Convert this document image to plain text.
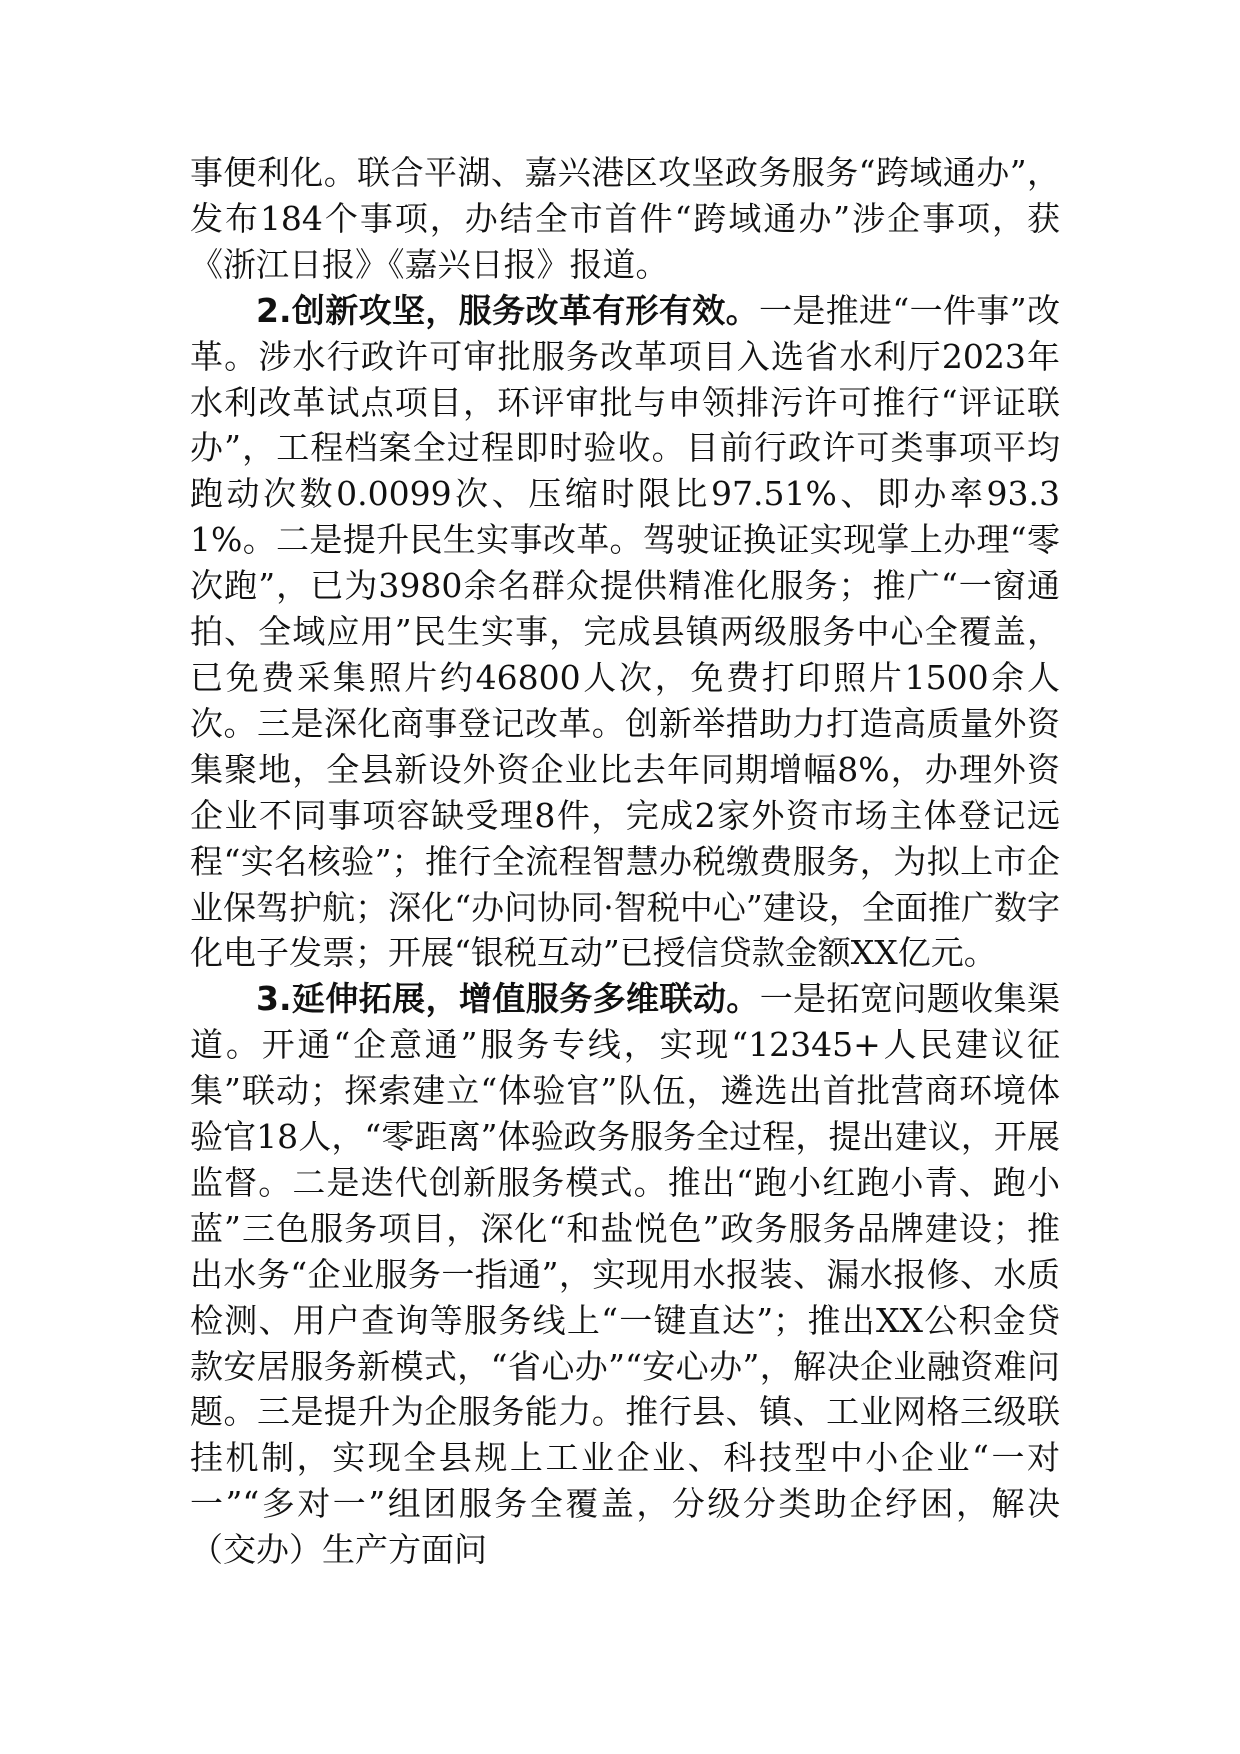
事便利化。联合平湖、嘉兴港区攻坚政务服务“跨域通办”，发布184个事项，办结全市首件“跨域通办”涉企事项，获《浙江日报》《嘉兴日报》报道。

2.创新攻坚，服务改革有形有效。一是推进“一件事”改革。涉水行政许可审批服务改革项目入选省水利厅2023年水利改革试点项目，环评审批与申领排污许可推行“评证联办”，工程档案全过程即时验收。目前行政许可类事项平均跑动次数0.0099次、压缩时限比97.51%、即办率93.31%。二是提升民生实事改革。驾驶证换证实现掌上办理“零次跑”，已为3980余名群众提供精准化服务；推广“一窗通拍、全域应用”民生实事，完成县镇两级服务中心全覆盖，已免费采集照片约46800人次，免费打印照片1500余人次。三是深化商事登记改革。创新举措助力打造高质量外资集聚地，全县新设外资企业比去年同期增幅8%，办理外资企业不同事项容缺受理8件，完成2家外资市场主体登记远程“实名核验”；推行全流程智慧办税缴费服务，为拟上市企业保驾护航；深化“办问协同·智税中心”建设，全面推广数字化电子发票；开展“银税互动”已授信贷款金额XX亿元。

3.延伸拓展，增值服务多维联动。一是拓宽问题收集渠道。开通“企意通”服务专线，实现“12345+人民建议征集”联动；探索建立“体验官”队伍，遴选出首批营商环境体验官18人，“零距离”体验政务服务全过程，提出建议，开展监督。二是迭代创新服务模式。推出“跑小红跑小青、跑小蓝”三色服务项目，深化“和盐悦色”政务服务品牌建设；推出水务“企业服务一指通”，实现用水报装、漏水报修、水质检测、用户查询等服务线上“一键直达”；推出XX公积金贷款安居服务新模式，“省心办”“安心办”，解决企业融资难问题。三是提升为企服务能力。推行县、镇、工业网格三级联挂机制，实现全县规上工业企业、科技型中小企业“一对一”“多对一”组团服务全覆盖，分级分类助企纾困，解决（交办）生产方面问
